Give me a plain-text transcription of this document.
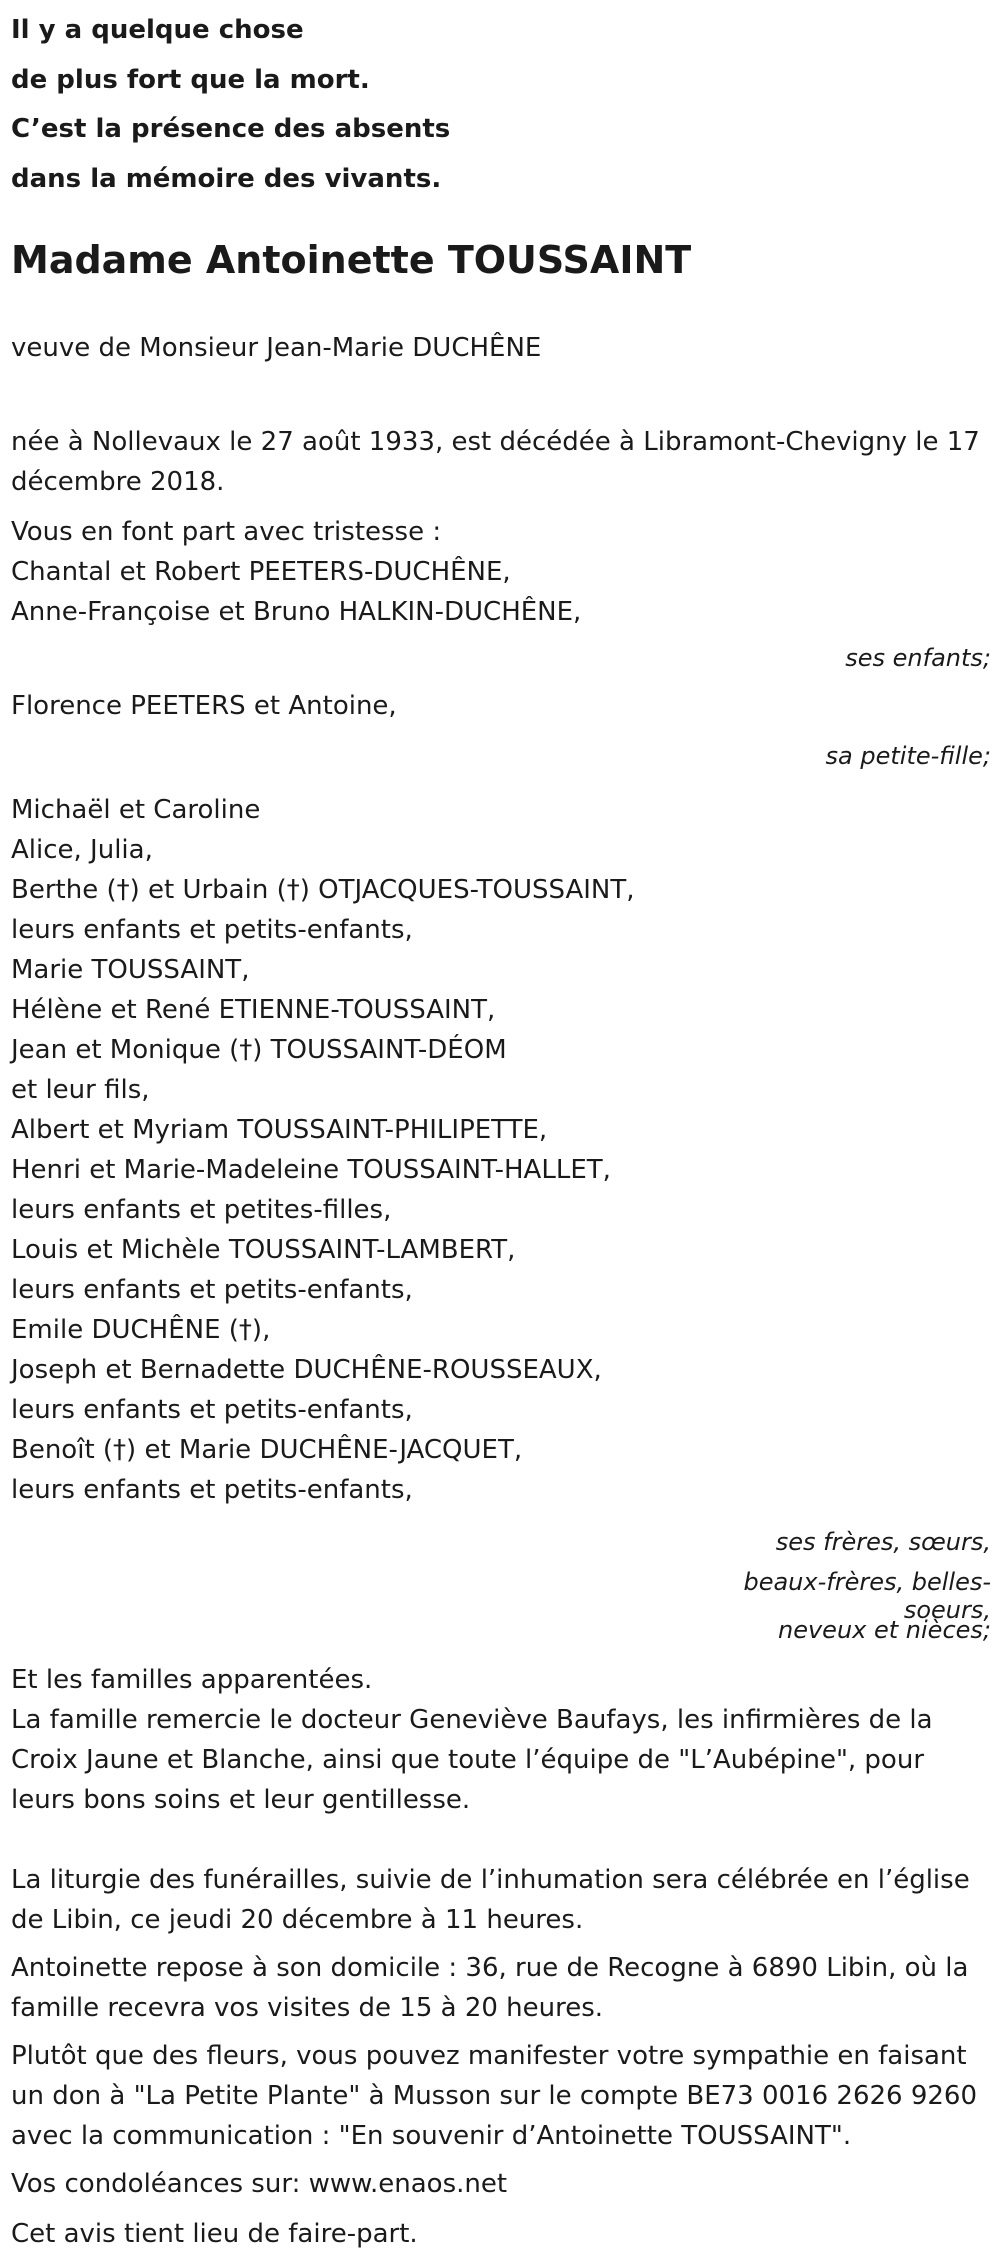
Il y a quelque chose
de plus fort que la mort.
C’est la présence des absents
dans la mémoire des vivants.
Madame Antoinette TOUSSAINT
veuve de Monsieur Jean-Marie DUCHÊNE
née à Nollevaux le 27 août 1933, est décédée à Libramont-Chevigny le 17
décembre 2018.
Vous en font part avec tristesse :
Chantal et Robert PEETERS-DUCHÊNE,
Anne-Françoise et Bruno HALKIN-DUCHÊNE,
ses enfants;
Florence PEETERS et Antoine,
sa petite-fille;
Michaël et Caroline
Alice, Julia,
Berthe (†) et Urbain (†) OTJACQUES-TOUSSAINT,
leurs enfants et petits-enfants,
Marie TOUSSAINT,
Hélène et René ETIENNE-TOUSSAINT,
Jean et Monique (†) TOUSSAINT-DÉOM
et leur fils,
Albert et Myriam TOUSSAINT-PHILIPETTE,
Henri et Marie-Madeleine TOUSSAINT-HALLET,
leurs enfants et petites-filles,
Louis et Michèle TOUSSAINT-LAMBERT,
leurs enfants et petits-enfants,
Emile DUCHÊNE (†),
Joseph et Bernadette DUCHÊNE-ROUSSEAUX,
leurs enfants et petits-enfants,
Benoît (†) et Marie DUCHÊNE-JACQUET,
leurs enfants et petits-enfants,
ses frères, sœurs,
beaux-frères, belles-
soeurs,
neveux et nièces;
Et les familles apparentées.
La famille remercie le docteur Geneviève Baufays, les infirmières de la
Croix Jaune et Blanche, ainsi que toute l’équipe de "L’Aubépine", pour
leurs bons soins et leur gentillesse.
La liturgie des funérailles, suivie de l’inhumation sera célébrée en l’église
de Libin, ce jeudi 20 décembre à 11 heures.
Antoinette repose à son domicile : 36, rue de Recogne à 6890 Libin, où la
famille recevra vos visites de 15 à 20 heures.
Plutôt que des fleurs, vous pouvez manifester votre sympathie en faisant
un don à "La Petite Plante" à Musson sur le compte BE73 0016 2626 9260
avec la communication : "En souvenir d’Antoinette TOUSSAINT".
Vos condoléances sur: www.enaos.net
Cet avis tient lieu de faire-part.
